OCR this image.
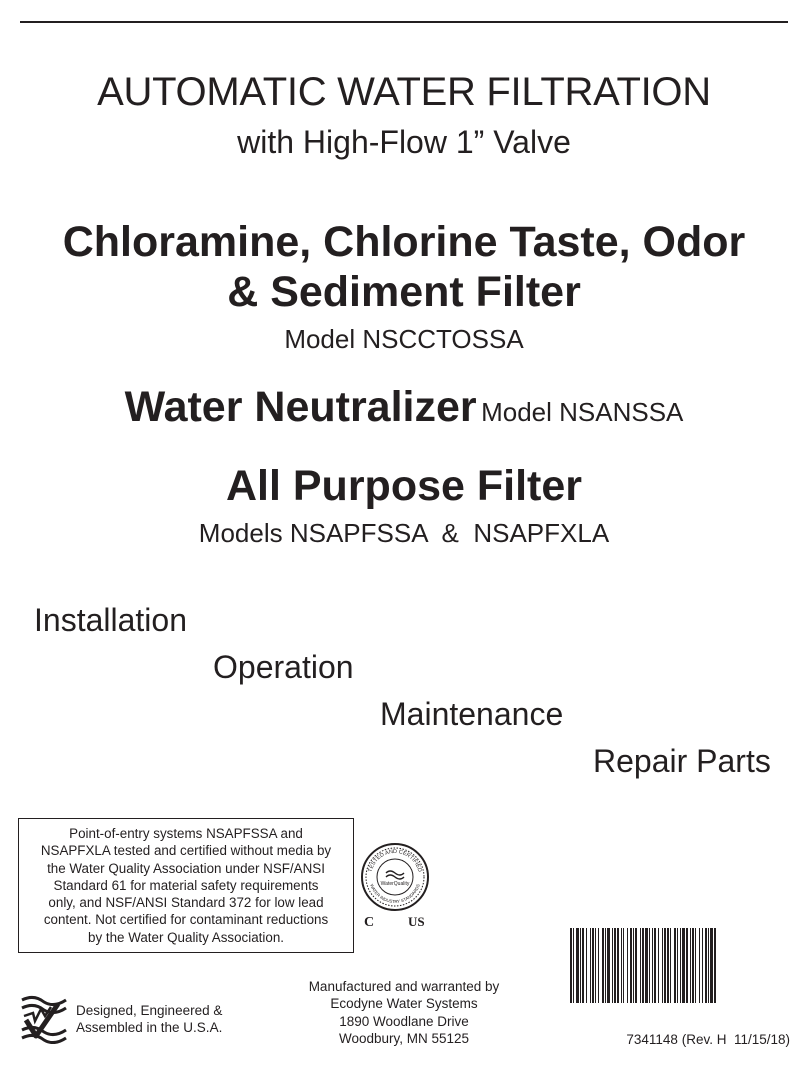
AUTOMATIC WATER FILTRATION
with High-Flow 1” Valve
Chloramine, Chlorine Taste, Odor
& Sediment Filter
Model NSCCTOSSA
Water Neutralizer Model NSANSSA
All Purpose Filter
Models NSAPFSSA  &  NSAPFXLA
Installation
Operation
Maintenance
Repair Parts
Point-of-entry systems NSAPFSSA and
NSAPFXLA tested and certified without media by
the Water Quality Association under NSF/ANSI
Standard 61 for material safety requirements
only, and NSF/ANSI Standard 372 for low lead
content. Not certified for contaminant reductions
by the Water Quality Association.
TESTED AND CERTIFIED
WATER INDUSTRY STANDARDS
WaterQuality
C	US
7341148 (Rev. H  11/15/18)
Designed, Engineered &
Assembled in the U.S.A.
Manufactured and warranted by
Ecodyne Water Systems
1890 Woodlane Drive
Woodbury, MN 55125
